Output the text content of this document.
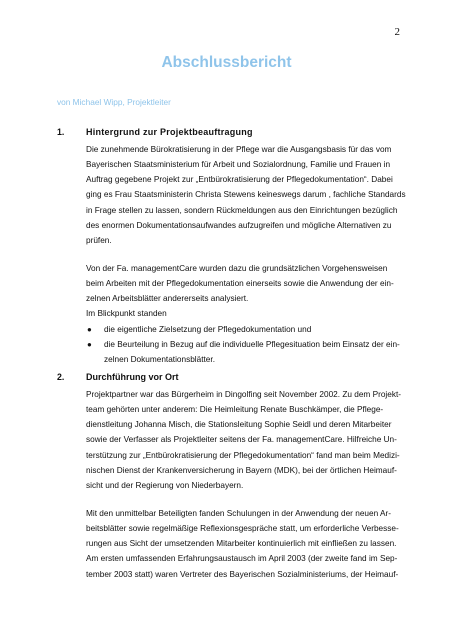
2
Abschlussbericht
von Michael Wipp, Projektleiter
1. Hintergrund zur Projektbeauftragung
Die zunehmende Bürokratisierung in der Pflege war die Ausgangsbasis für das vom
Bayerischen Staatsministerium für Arbeit und Sozialordnung, Familie und Frauen in
Auftrag gegebene Projekt zur „Entbürokratisierung der Pflegedokumentation“. Dabei
ging es Frau Staatsministerin Christa Stewens keineswegs darum , fachliche Standards
in Frage stellen zu lassen, sondern Rückmeldungen aus den Einrichtungen bezüglich
des enormen Dokumentationsaufwandes aufzugreifen und mögliche Alternativen zu
prüfen.
Von der Fa. managementCare wurden dazu die grundsätzlichen Vorgehensweisen
beim Arbeiten mit der Pflegedokumentation einerseits sowie die Anwendung der ein-
zelnen Arbeitsblätter andererseits analysiert.
Im Blickpunkt standen
● die eigentliche Zielsetzung der Pflegedokumentation und
● die Beurteilung in Bezug auf die individuelle Pflegesituation beim Einsatz der ein-
zelnen Dokumentationsblätter.
2. Durchführung vor Ort
Projektpartner war das Bürgerheim in Dingolfing seit November 2002. Zu dem Projekt-
team gehörten unter anderem: Die Heimleitung Renate Buschkämper, die Pflege-
dienstleitung Johanna Misch, die Stationsleitung Sophie Seidl und deren Mitarbeiter
sowie der Verfasser als Projektleiter seitens der Fa. managementCare. Hilfreiche Un-
terstützung zur „Entbürokratisierung der Pflegedokumentation“ fand man beim Medizi-
nischen Dienst der Krankenversicherung in Bayern (MDK), bei der örtlichen Heimauf-
sicht und der Regierung von Niederbayern.
Mit den unmittelbar Beteiligten fanden Schulungen in der Anwendung der neuen Ar-
beitsblätter sowie regelmäßige Reflexionsgespräche statt, um erforderliche Verbesse-
rungen aus Sicht der umsetzenden Mitarbeiter kontinuierlich mit einfließen zu lassen.
Am ersten umfassenden Erfahrungsaustausch im April 2003 (der zweite fand im Sep-
tember 2003 statt) waren Vertreter des Bayerischen Sozialministeriums, der Heimauf-
